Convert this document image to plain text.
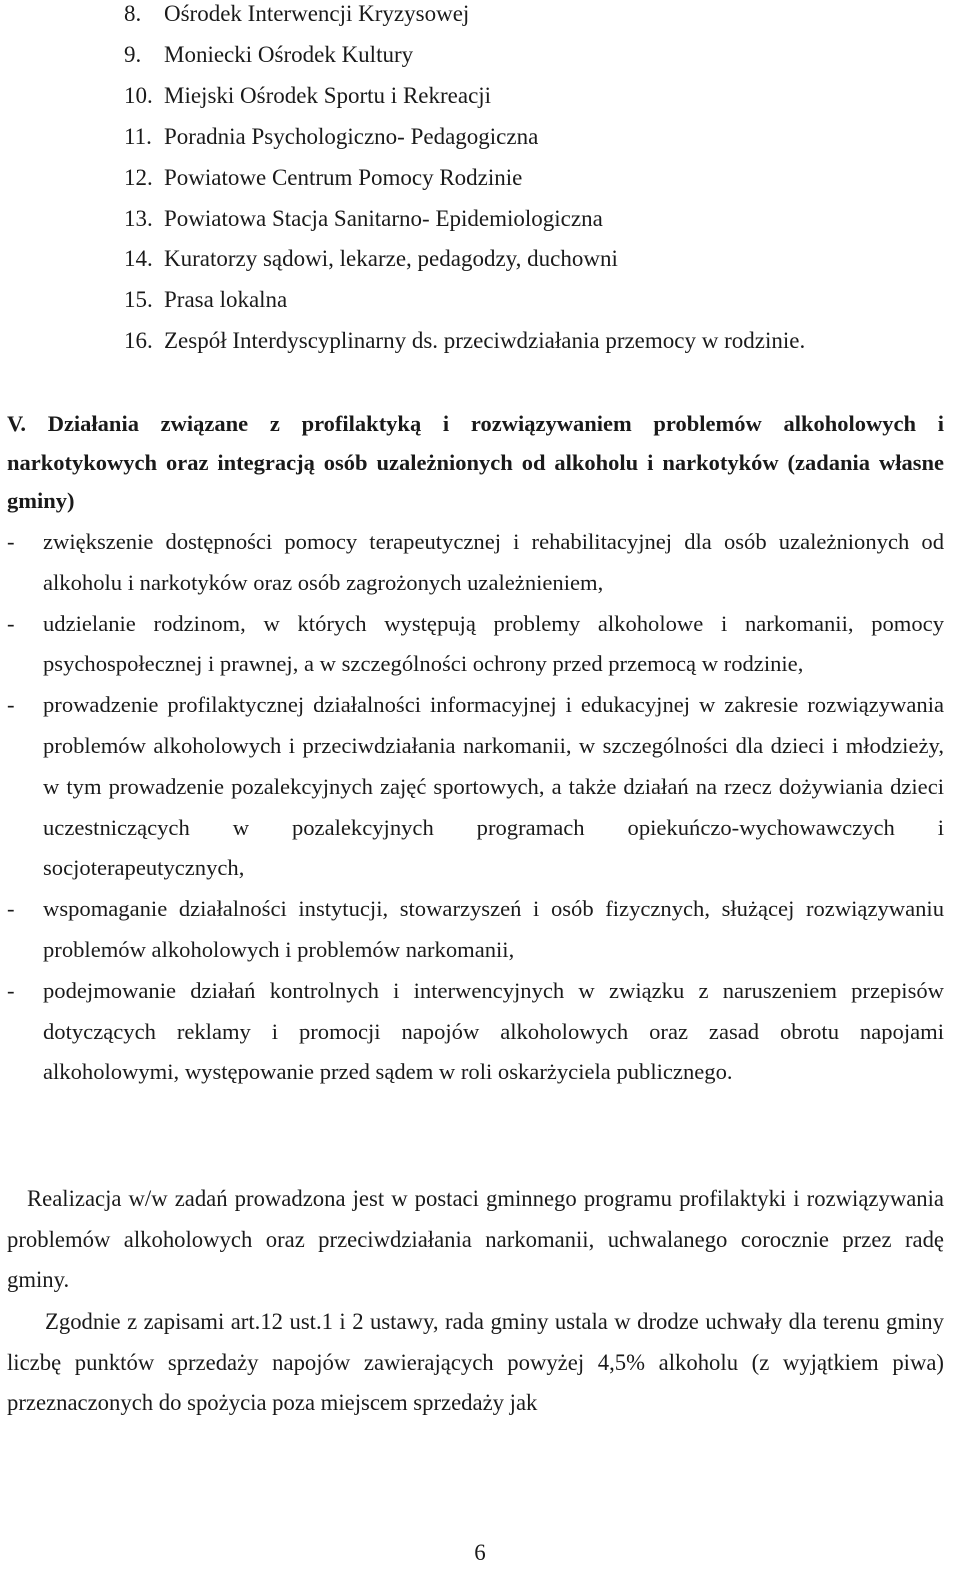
8. Ośrodek Interwencji Kryzysowej
9. Moniecki Ośrodek Kultury
10. Miejski Ośrodek Sportu i Rekreacji
11. Poradnia Psychologiczno- Pedagogiczna
12. Powiatowe Centrum Pomocy Rodzinie
13. Powiatowa Stacja Sanitarno- Epidemiologiczna
14. Kuratorzy sądowi, lekarze, pedagodzy, duchowni
15. Prasa lokalna
16. Zespół Interdyscyplinarny ds. przeciwdziałania przemocy w rodzinie.

V. Działania związane z profilaktyką i rozwiązywaniem problemów alkoholowych i narkotykowych oraz integracją osób uzależnionych od alkoholu i narkotyków (zadania własne gminy)

- zwiększenie dostępności pomocy terapeutycznej i rehabilitacyjnej dla osób uzależnionych od alkoholu i narkotyków oraz osób zagrożonych uzależnieniem,
- udzielanie rodzinom, w których występują problemy alkoholowe i narkomanii, pomocy psychospołecznej i prawnej, a w szczególności ochrony przed przemocą w rodzinie,
- prowadzenie profilaktycznej działalności informacyjnej i edukacyjnej w zakresie rozwiązywania problemów alkoholowych i przeciwdziałania narkomanii, w szczególności dla dzieci i młodzieży, w tym prowadzenie pozalekcyjnych zajęć sportowych, a także działań na rzecz dożywiania dzieci uczestniczących w pozalekcyjnych programach opiekuńczo-wychowawczych i socjoterapeutycznych,
- wspomaganie działalności instytucji, stowarzyszeń i osób fizycznych, służącej rozwiązywaniu problemów alkoholowych i problemów narkomanii,
- podejmowanie działań kontrolnych i interwencyjnych w związku z naruszeniem przepisów dotyczących reklamy i promocji napojów alkoholowych oraz zasad obrotu napojami alkoholowymi, występowanie przed sądem w roli oskarżyciela publicznego.

Realizacja w/w zadań prowadzona jest w postaci gminnego programu profilaktyki i rozwiązywania problemów alkoholowych oraz przeciwdziałania narkomanii, uchwalanego corocznie przez radę gminy.

Zgodnie z zapisami art.12 ust.1 i 2 ustawy, rada gminy ustala w drodze uchwały dla terenu gminy liczbę punktów sprzedaży napojów zawierających powyżej 4,5% alkoholu (z wyjątkiem piwa) przeznaczonych do spożycia poza miejscem sprzedaży jak

6
